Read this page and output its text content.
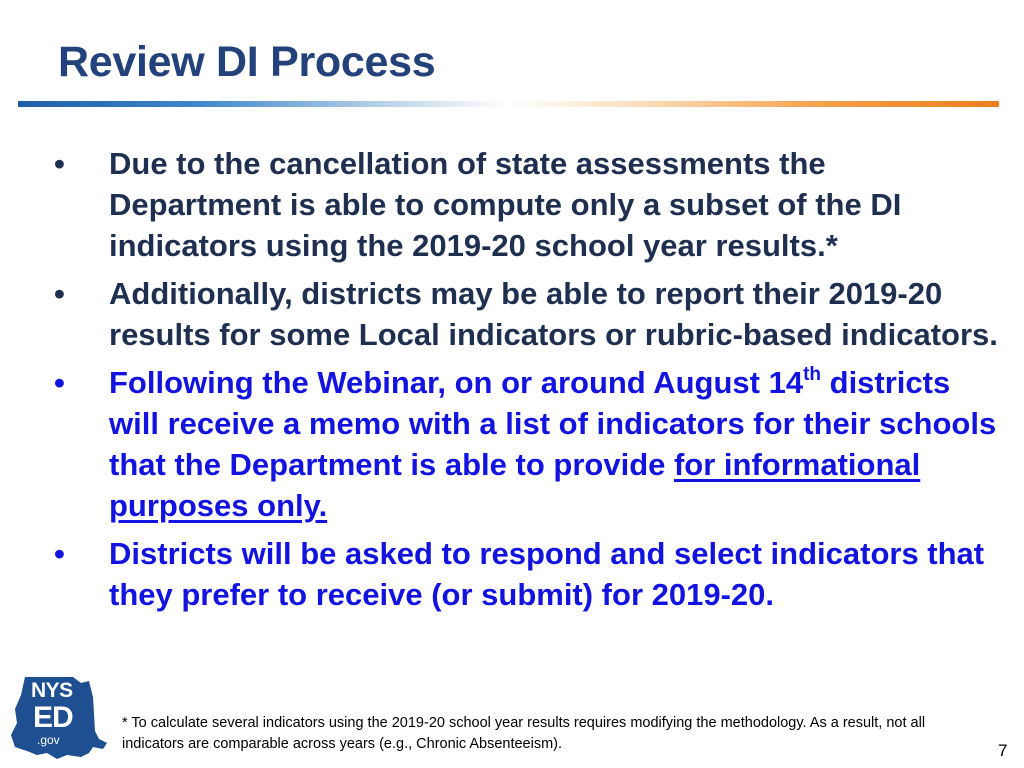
Review DI Process
•	Due to the cancellation of state assessments the Department is able to compute only a subset of the DI indicators using the 2019-20 school year results.*
•	Additionally, districts may be able to report their 2019-20 results for some Local indicators or rubric-based indicators.
•	Following the Webinar, on or around August 14th districts will receive a memo with a list of indicators for their schools that the Department is able to provide for informational purposes only.
•	Districts will be asked to respond and select indicators that they prefer to receive (or submit) for 2019-20.
NYS
ED
.gov
* To calculate several indicators using the 2019-20 school year results requires modifying the methodology. As a result, not all indicators are comparable across years (e.g., Chronic Absenteeism).	7
